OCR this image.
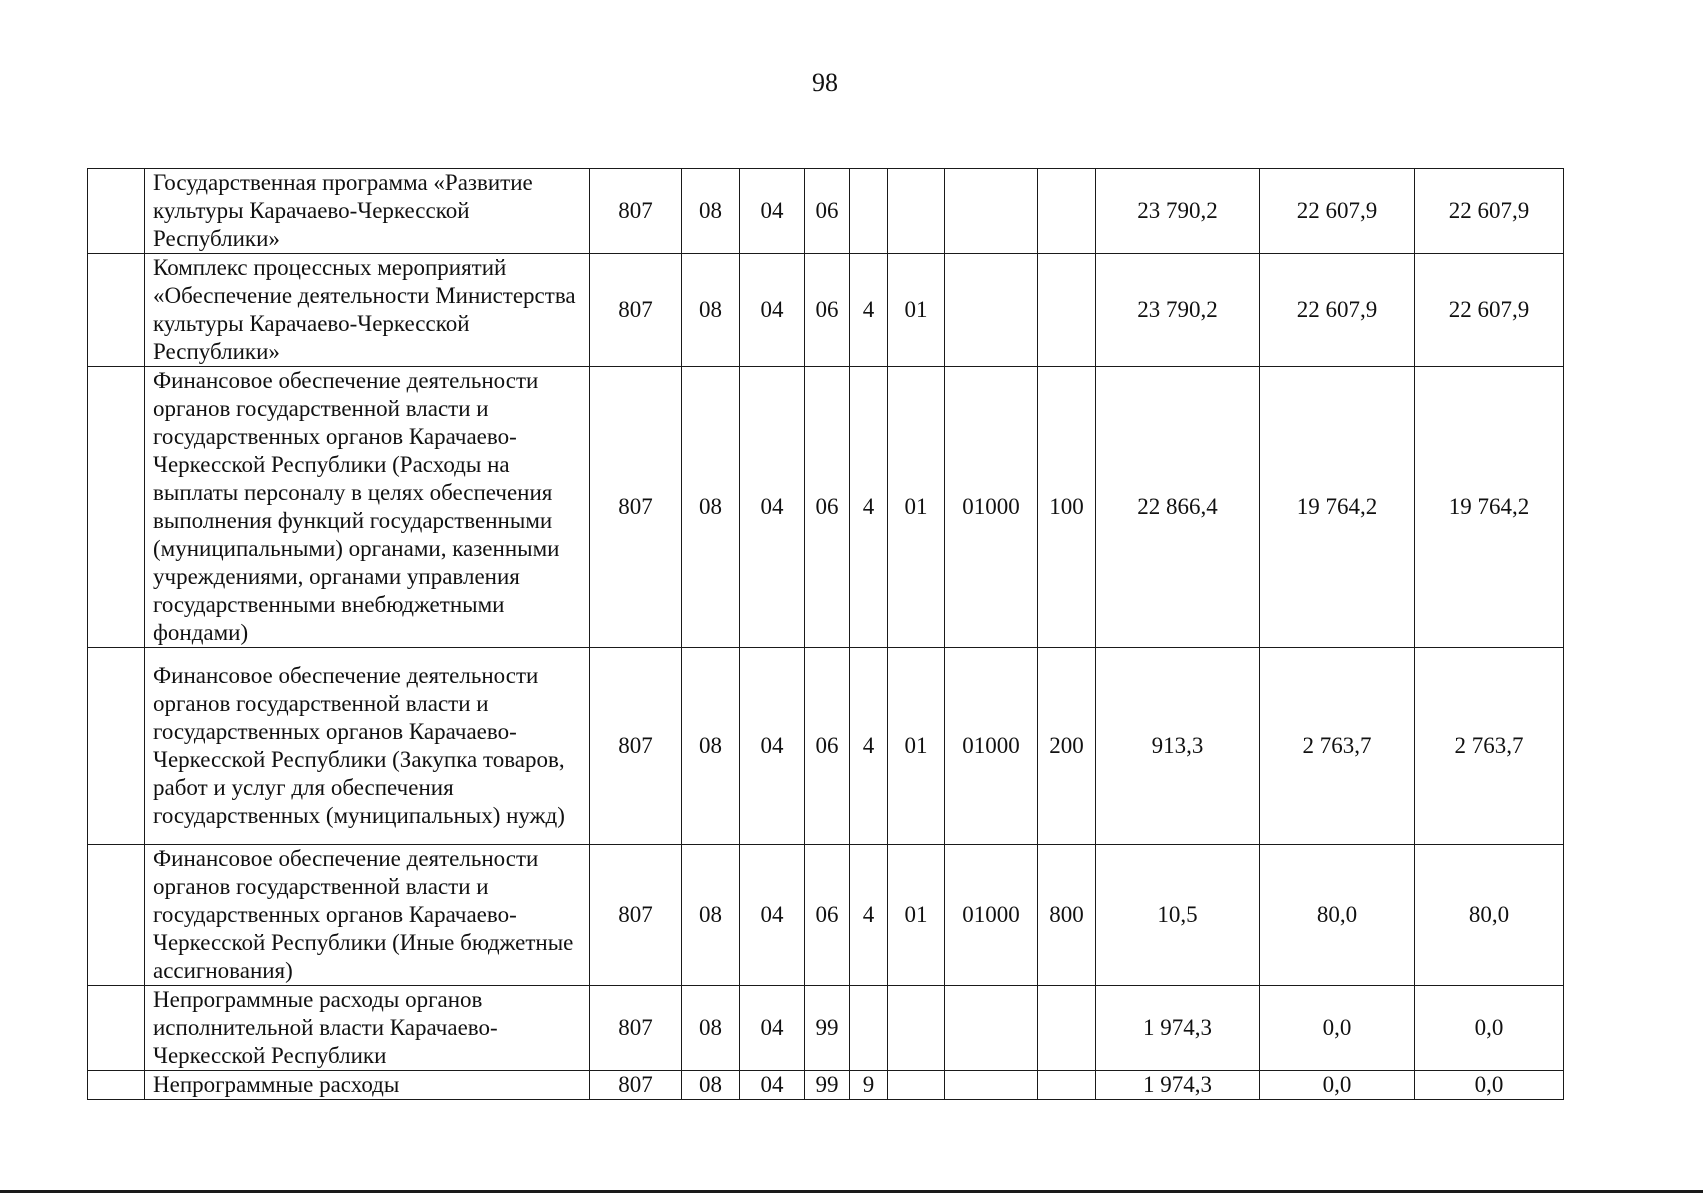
98
	Государственная программа «Развитие культуры Карачаево-Черкесской Республики»	807	08	04	06					23 790,2	22 607,9	22 607,9
	Комплекс процессных мероприятий «Обеспечение деятельности Министерства культуры Карачаево-Черкесской Республики»	807	08	04	06	4	01			23 790,2	22 607,9	22 607,9
	Финансовое обеспечение деятельности органов государственной власти и государственных органов Карачаево-Черкесской Республики (Расходы на выплаты персоналу в целях обеспечения выполнения функций государственными (муниципальными) органами, казенными учреждениями, органами управления государственными внебюджетными фондами)	807	08	04	06	4	01	01000	100	22 866,4	19 764,2	19 764,2
	Финансовое обеспечение деятельности органов государственной власти и государственных органов Карачаево-Черкесской Республики (Закупка товаров, работ и услуг для обеспечения государственных (муниципальных) нужд)	807	08	04	06	4	01	01000	200	913,3	2 763,7	2 763,7
	Финансовое обеспечение деятельности органов государственной власти и государственных органов Карачаево-Черкесской Республики (Иные бюджетные ассигнования)	807	08	04	06	4	01	01000	800	10,5	80,0	80,0
	Непрограммные расходы органов исполнительной власти Карачаево-Черкесской Республики	807	08	04	99					1 974,3	0,0	0,0
	Непрограммные расходы	807	08	04	99	9				1 974,3	0,0	0,0
